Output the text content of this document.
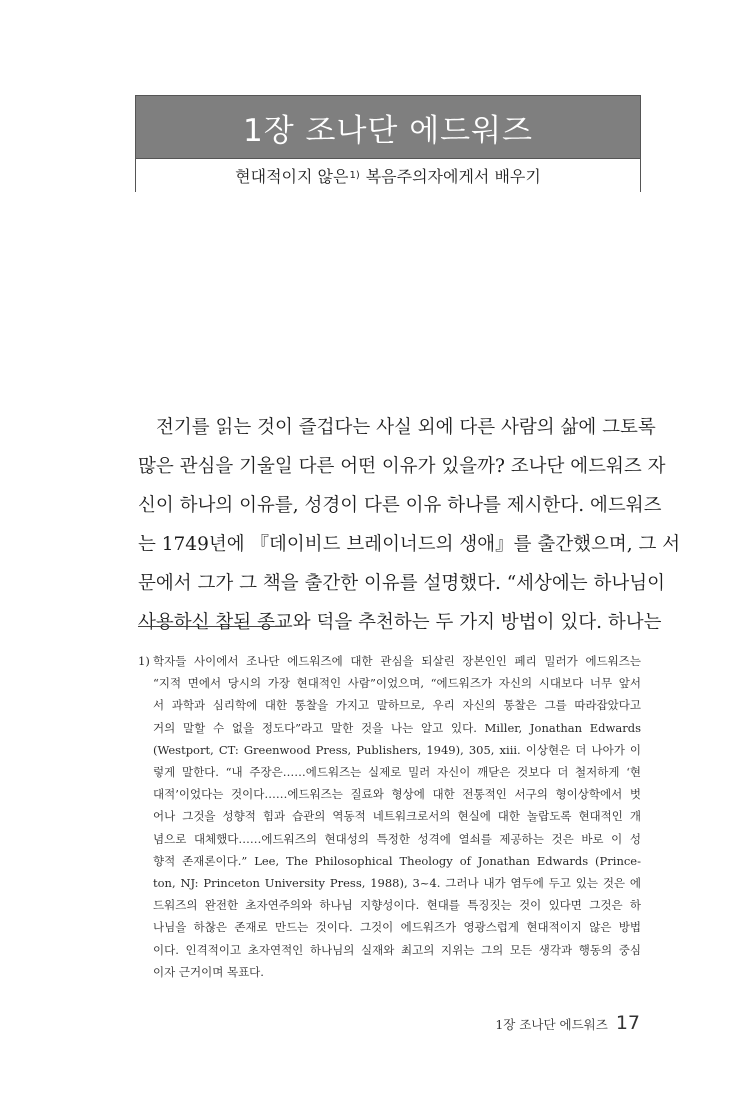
1장 조나단 에드워즈
현대적이지 않은 1) 복음주의자에게서 배우기
전기를 읽는 것이 즐겁다는 사실 외에 다른 사람의 삶에 그토록
많은 관심을 기울일 다른 어떤 이유가 있을까? 조나단 에드워즈 자
신이 하나의 이유를, 성경이 다른 이유 하나를 제시한다. 에드워즈
는 1749년에 『데이비드 브레이너드의 생애』를 출간했으며, 그 서
문에서 그가 그 책을 출간한 이유를 설명했다. “세상에는 하나님이
사용하신 참된 종교와 덕을 추천하는 두 가지 방법이 있다. 하나는
1) 학자들 사이에서 조나단 에드워즈에 대한 관심을 되살린 장본인인 페리 밀러가 에드워즈는
“지적 면에서 당시의 가장 현대적인 사람”이었으며, “에드워즈가 자신의 시대보다 너무 앞서
서 과학과 심리학에 대한 통찰을 가지고 말하므로, 우리 자신의 통찰은 그를 따라잡았다고
거의 말할 수 없을 정도다”라고 말한 것을 나는 알고 있다. Miller, Jonathan Edwards
(Westport, CT: Greenwood Press, Publishers, 1949), 305, xiii. 이상현은 더 나아가 이
렇게 말한다. “내 주장은……에드워즈는 실제로 밀러 자신이 깨닫은 것보다 더 철저하게 ‘현
대적’이었다는 것이다……에드워즈는 질료와 형상에 대한 전통적인 서구의 형이상학에서 벗
어나 그것을 성향적 힘과 습관의 역동적 네트워크로서의 현실에 대한 놀랍도록 현대적인 개
념으로 대체했다……에드워즈의 현대성의 특정한 성격에 열쇠를 제공하는 것은 바로 이 성
향적 존재론이다.” Lee, The Philosophical Theology of Jonathan Edwards (Prince-
ton, NJ: Princeton University Press, 1988), 3~4. 그러나 내가 염두에 두고 있는 것은 에
드워즈의 완전한 초자연주의와 하나님 지향성이다. 현대를 특징짓는 것이 있다면 그것은 하
나님을 하찮은 존재로 만드는 것이다. 그것이 에드워즈가 영광스럽게 현대적이지 않은 방법
이다. 인격적이고 초자연적인 하나님의 실재와 최고의 지위는 그의 모든 생각과 행동의 중심
이자 근거이며 목표다.
1장 조나단 에드워즈 17
